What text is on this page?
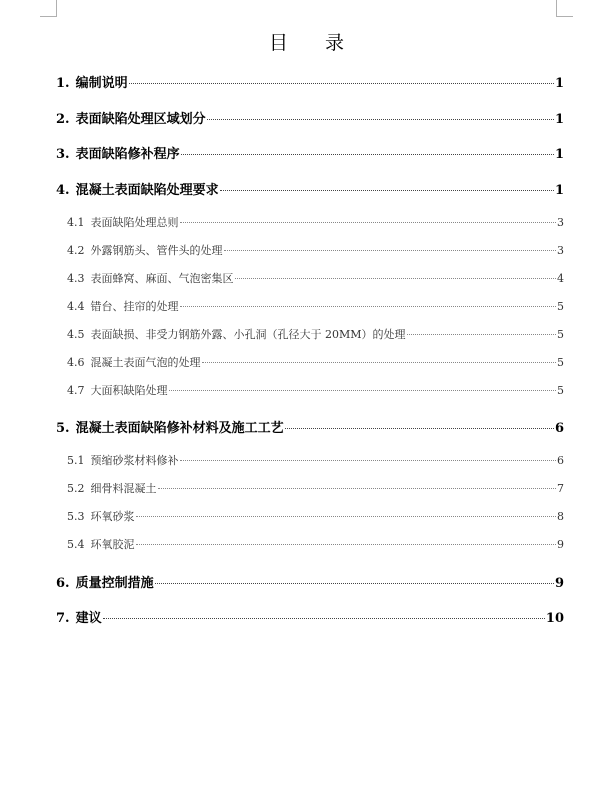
目 录
1. 编制说明	1
2. 表面缺陷处理区域划分	1
3. 表面缺陷修补程序	1
4. 混凝土表面缺陷处理要求	1
4.1 表面缺陷处理总则	3
4.2 外露钢筋头、管件头的处理	3
4.3 表面蜂窝、麻面、气泡密集区	4
4.4 错台、挂帘的处理	5
4.5 表面缺损、非受力钢筋外露、小孔洞（孔径大于 20MM）的处理	5
4.6 混凝土表面气泡的处理	5
4.7 大面积缺陷处理	5
5. 混凝土表面缺陷修补材料及施工工艺	6
5.1 预缩砂浆材料修补	6
5.2 细骨料混凝土	7
5.3 环氧砂浆	8
5.4 环氧胶泥	9
6. 质量控制措施	9
7. 建议	10
